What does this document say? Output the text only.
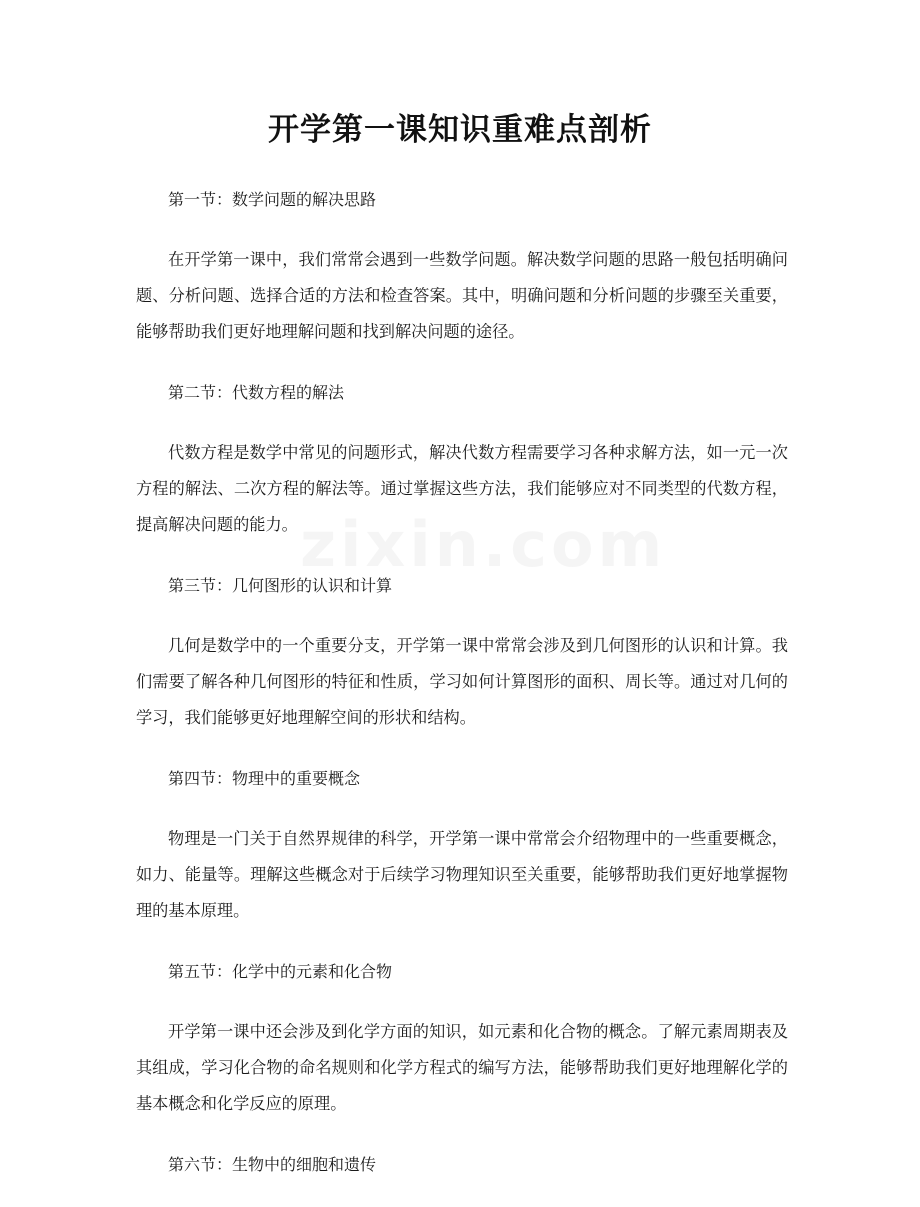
开学第一课知识重难点剖析
zixin.com
第一节：数学问题的解决思路
在开学第一课中，我们常常会遇到一些数学问题。解决数学问题的思路一般包括明确问题、分析问题、选择合适的方法和检查答案。其中，明确问题和分析问题的步骤至关重要，能够帮助我们更好地理解问题和找到解决问题的途径。
第二节：代数方程的解法
代数方程是数学中常见的问题形式，解决代数方程需要学习各种求解方法，如一元一次方程的解法、二次方程的解法等。通过掌握这些方法，我们能够应对不同类型的代数方程，提高解决问题的能力。
第三节：几何图形的认识和计算
几何是数学中的一个重要分支，开学第一课中常常会涉及到几何图形的认识和计算。我们需要了解各种几何图形的特征和性质，学习如何计算图形的面积、周长等。通过对几何的学习，我们能够更好地理解空间的形状和结构。
第四节：物理中的重要概念
物理是一门关于自然界规律的科学，开学第一课中常常会介绍物理中的一些重要概念，如力、能量等。理解这些概念对于后续学习物理知识至关重要，能够帮助我们更好地掌握物理的基本原理。
第五节：化学中的元素和化合物
开学第一课中还会涉及到化学方面的知识，如元素和化合物的概念。了解元素周期表及其组成，学习化合物的命名规则和化学方程式的编写方法，能够帮助我们更好地理解化学的基本概念和化学反应的原理。
第六节：生物中的细胞和遗传
